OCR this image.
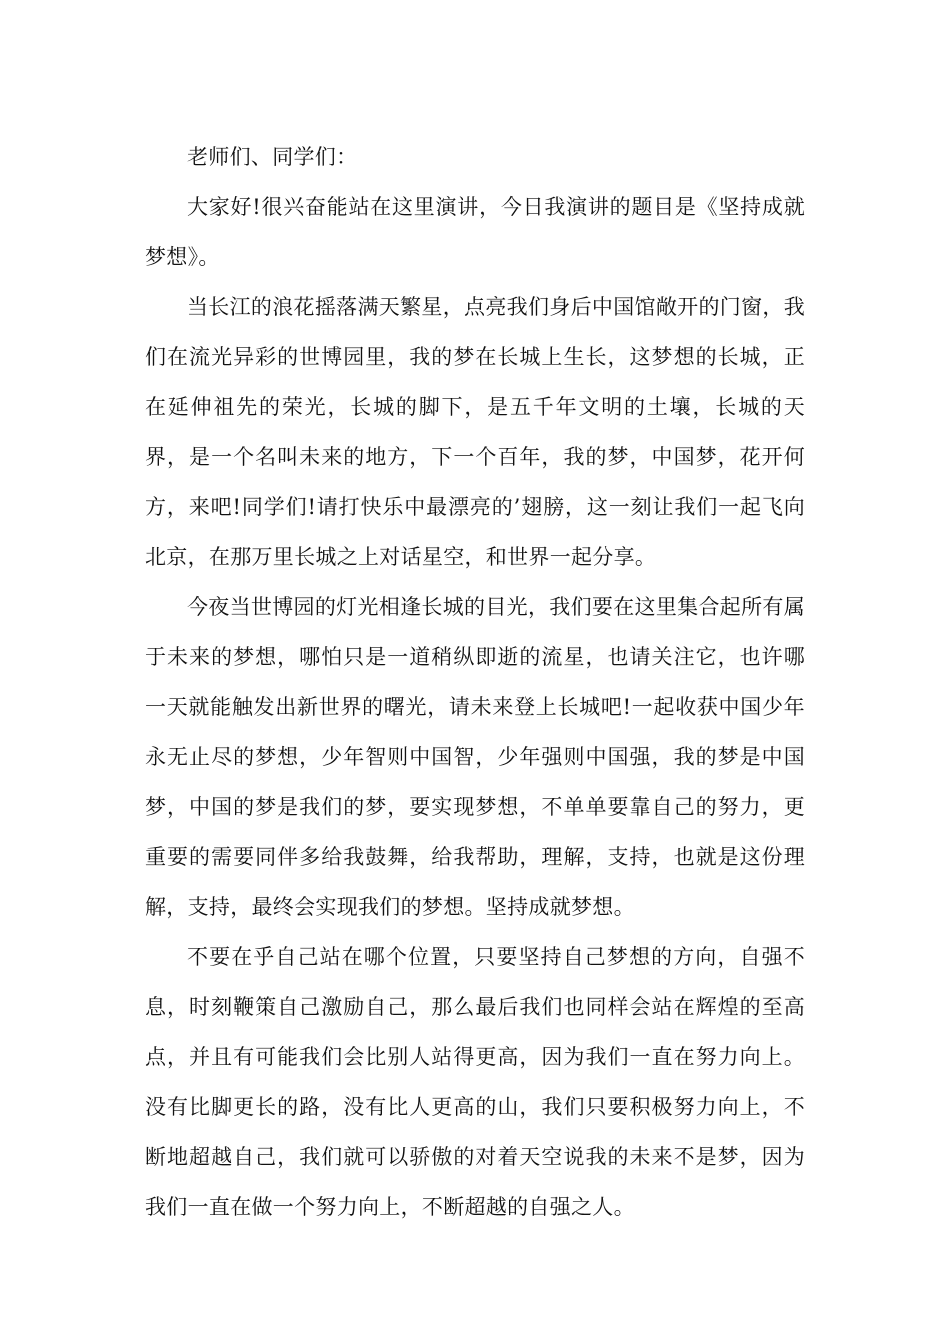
老师们、同学们：

大家好!很兴奋能站在这里演讲，今日我演讲的题目是《坚持成就梦想》。

当长江的浪花摇落满天繁星，点亮我们身后中国馆敞开的门窗，我们在流光异彩的世博园里，我的梦在长城上生长，这梦想的长城，正在延伸祖先的荣光，长城的脚下，是五千年文明的土壤，长城的天界，是一个名叫未来的地方，下一个百年，我的梦，中国梦，花开何方，来吧!同学们!请打快乐中最漂亮的’翅膀，这一刻让我们一起飞向北京，在那万里长城之上对话星空，和世界一起分享。

今夜当世博园的灯光相逢长城的目光，我们要在这里集合起所有属于未来的梦想，哪怕只是一道稍纵即逝的流星，也请关注它，也许哪一天就能触发出新世界的曙光，请未来登上长城吧!一起收获中国少年永无止尽的梦想，少年智则中国智，少年强则中国强，我的梦是中国梦，中国的梦是我们的梦，要实现梦想，不单单要靠自己的努力，更重要的需要同伴多给我鼓舞，给我帮助，理解，支持，也就是这份理解，支持，最终会实现我们的梦想。坚持成就梦想。

不要在乎自己站在哪个位置，只要坚持自己梦想的方向，自强不息，时刻鞭策自己激励自己，那么最后我们也同样会站在辉煌的至高点，并且有可能我们会比别人站得更高，因为我们一直在努力向上。没有比脚更长的路，没有比人更高的山，我们只要积极努力向上，不断地超越自己，我们就可以骄傲的对着天空说我的未来不是梦，因为我们一直在做一个努力向上，不断超越的自强之人。
